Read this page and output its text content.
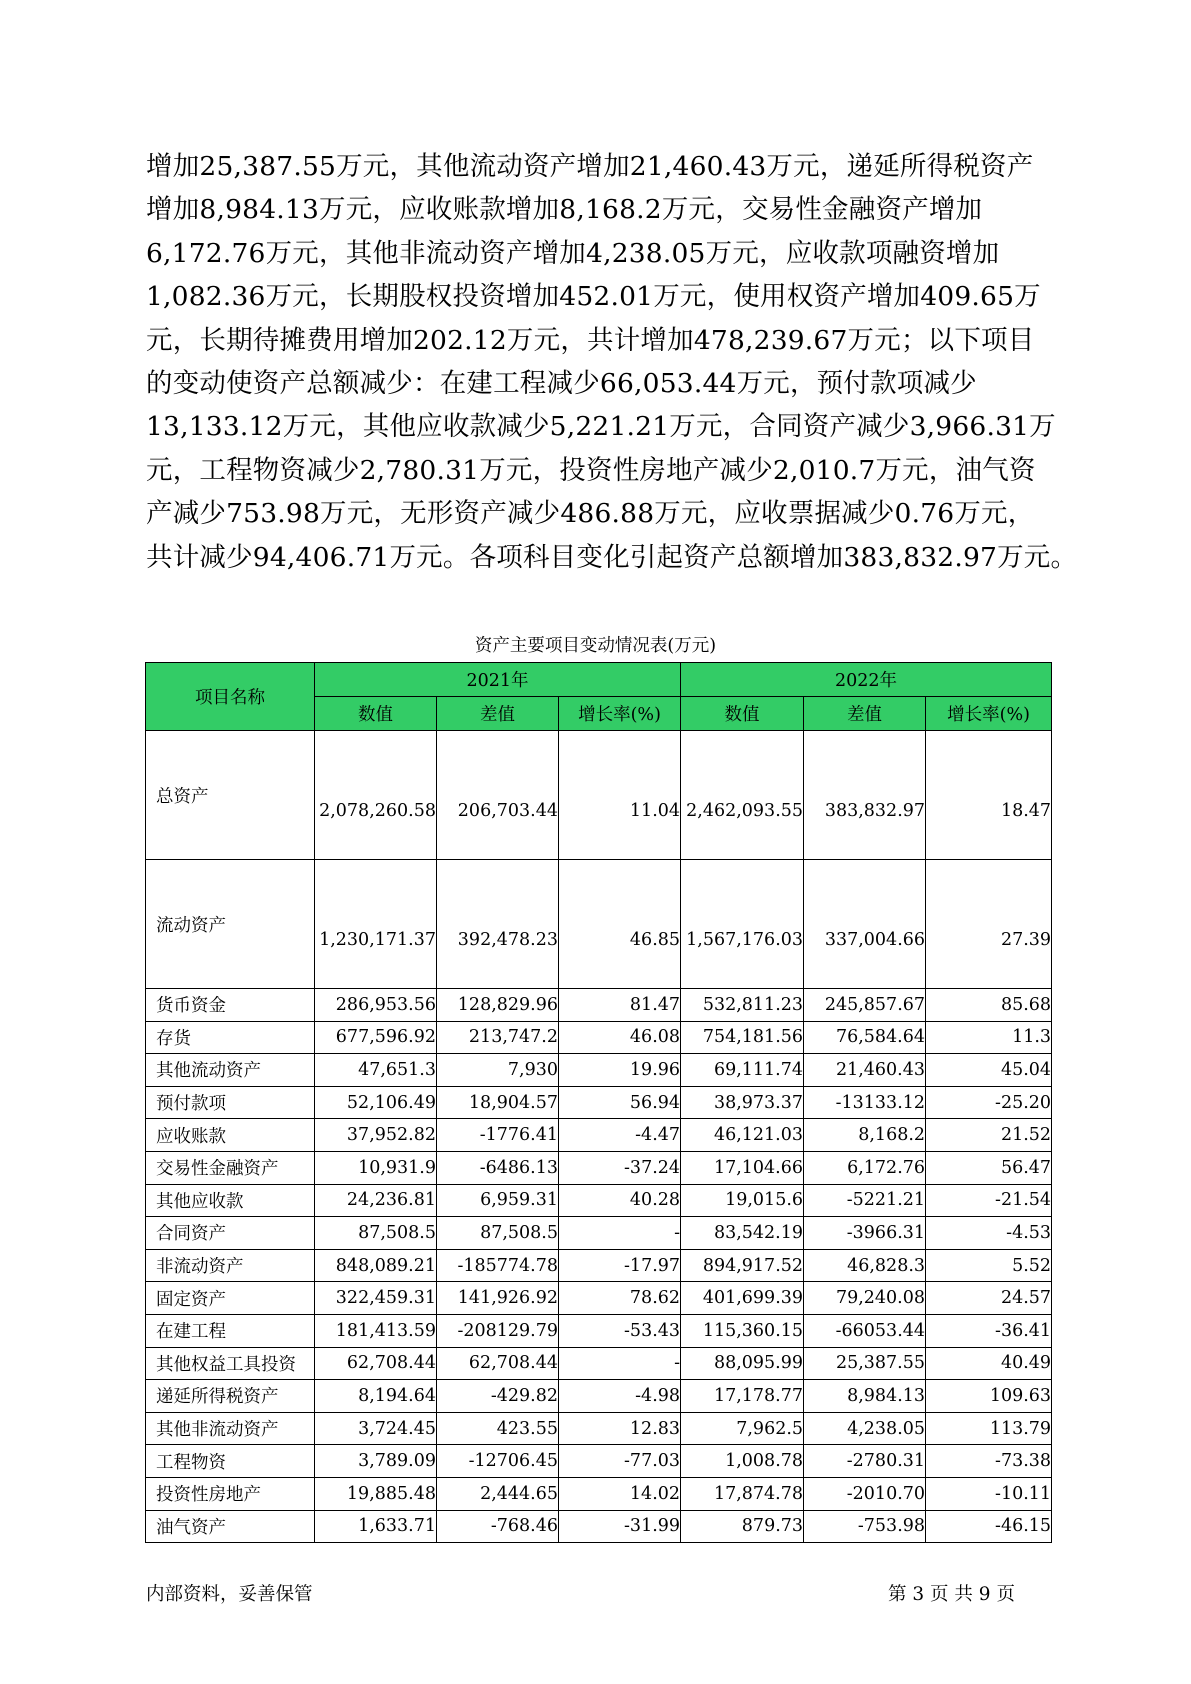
增加25,387.55万元，其他流动资产增加21,460.43万元，递延所得税资产
增加8,984.13万元，应收账款增加8,168.2万元，交易性金融资产增加
6,172.76万元，其他非流动资产增加4,238.05万元，应收款项融资增加
1,082.36万元，长期股权投资增加452.01万元，使用权资产增加409.65万
元，长期待摊费用增加202.12万元，共计增加478,239.67万元；以下项目
的变动使资产总额减少：在建工程减少66,053.44万元，预付款项减少
13,133.12万元，其他应收款减少5,221.21万元，合同资产减少3,966.31万
元，工程物资减少2,780.31万元，投资性房地产减少2,010.7万元，油气资
产减少753.98万元，无形资产减少486.88万元，应收票据减少0.76万元，
共计减少94,406.71万元。各项科目变化引起资产总额增加383,832.97万元。
资产主要项目变动情况表(万元)
项目名称	2021年			2022年		
	数值	差值	增长率(%)	数值	差值	增长率(%)
总资产	2,078,260.58	206,703.44	11.04	2,462,093.55	383,832.97	18.47
流动资产	1,230,171.37	392,478.23	46.85	1,567,176.03	337,004.66	27.39
货币资金	286,953.56	128,829.96	81.47	532,811.23	245,857.67	85.68
存货	677,596.92	213,747.2	46.08	754,181.56	76,584.64	11.3
其他流动资产	47,651.3	7,930	19.96	69,111.74	21,460.43	45.04
预付款项	52,106.49	18,904.57	56.94	38,973.37	-13133.12	-25.20
应收账款	37,952.82	-1776.41	-4.47	46,121.03	8,168.2	21.52
交易性金融资产	10,931.9	-6486.13	-37.24	17,104.66	6,172.76	56.47
其他应收款	24,236.81	6,959.31	40.28	19,015.6	-5221.21	-21.54
合同资产	87,508.5	87,508.5	-	83,542.19	-3966.31	-4.53
非流动资产	848,089.21	-185774.78	-17.97	894,917.52	46,828.3	5.52
固定资产	322,459.31	141,926.92	78.62	401,699.39	79,240.08	24.57
在建工程	181,413.59	-208129.79	-53.43	115,360.15	-66053.44	-36.41
其他权益工具投资	62,708.44	62,708.44	-	88,095.99	25,387.55	40.49
递延所得税资产	8,194.64	-429.82	-4.98	17,178.77	8,984.13	109.63
其他非流动资产	3,724.45	423.55	12.83	7,962.5	4,238.05	113.79
工程物资	3,789.09	-12706.45	-77.03	1,008.78	-2780.31	-73.38
投资性房地产	19,885.48	2,444.65	14.02	17,874.78	-2010.70	-10.11
油气资产	1,633.71	-768.46	-31.99	879.73	-753.98	-46.15
内部资料，妥善保管	第 3 页 共 9 页
